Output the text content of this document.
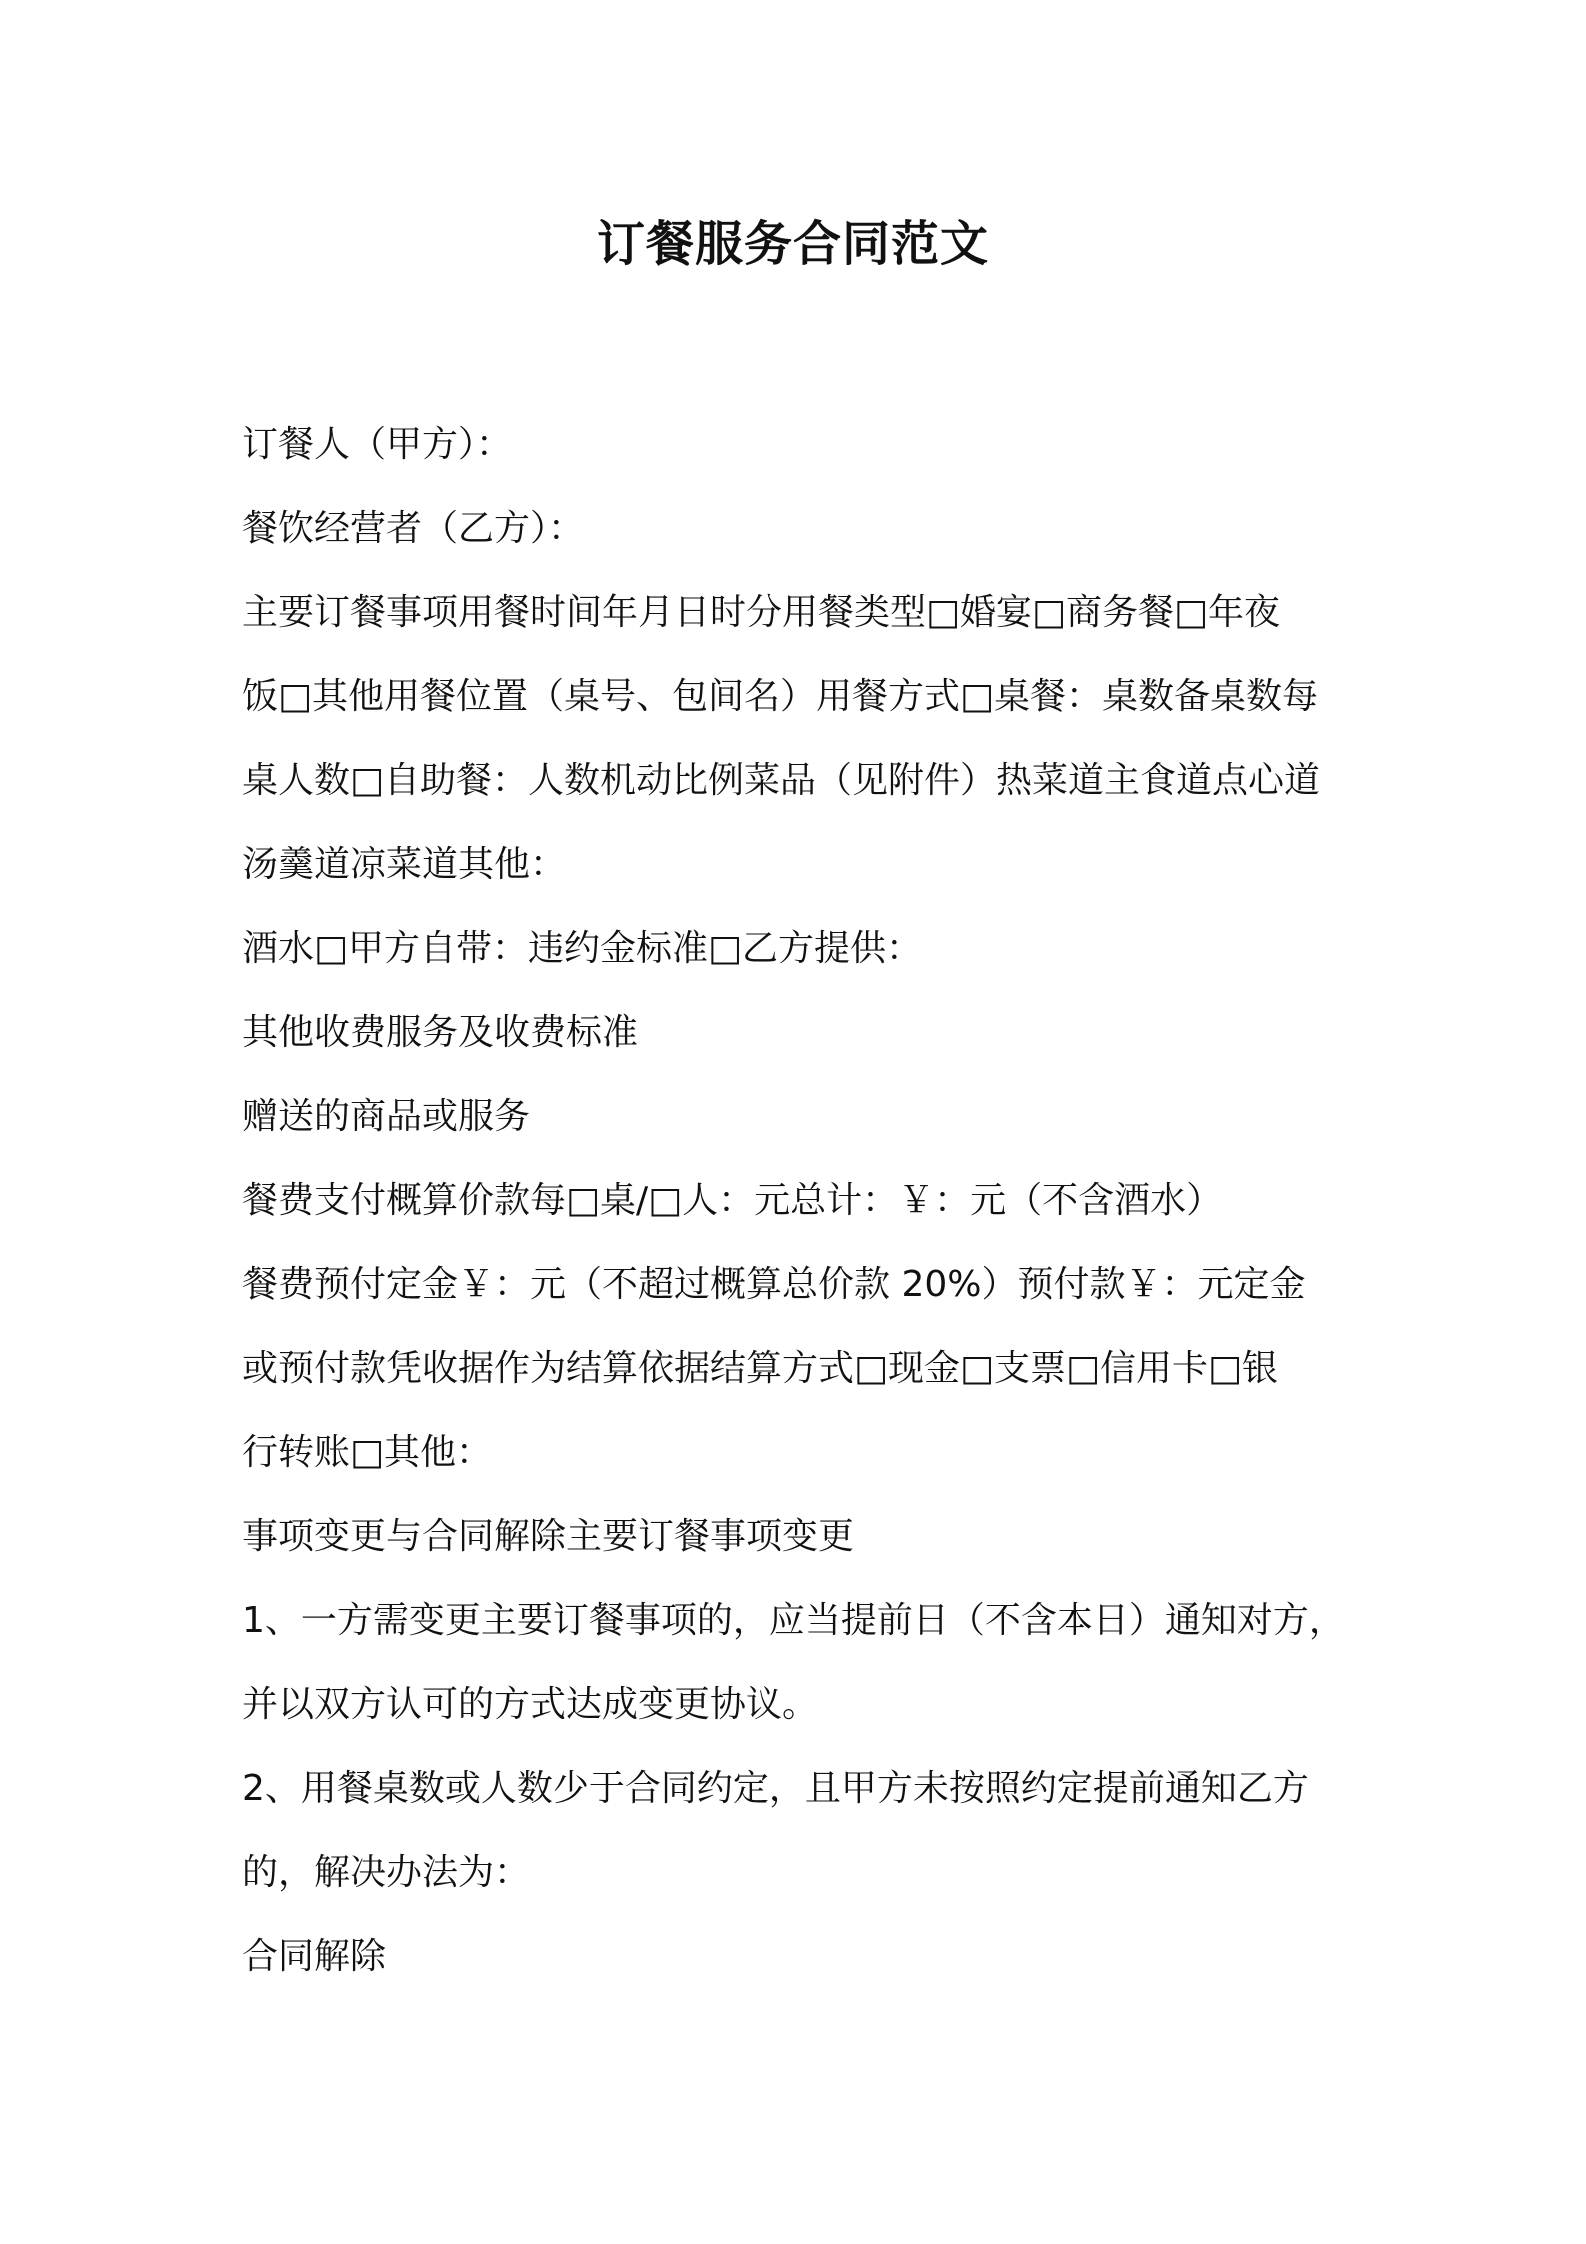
订餐服务合同范文

订餐人（甲方）：

餐饮经营者（乙方）：

主要订餐事项用餐时间年月日时分用餐类型□婚宴□商务餐□年夜

饭□其他用餐位置（桌号、包间名）用餐方式□桌餐：桌数备桌数每

桌人数□自助餐：人数机动比例菜品（见附件）热菜道主食道点心道

汤羹道凉菜道其他：

酒水□甲方自带：违约金标准□乙方提供：

其他收费服务及收费标准

赠送的商品或服务

餐费支付概算价款每□桌/□人：元总计：￥：元（不含酒水）

餐费预付定金￥：元（不超过概算总价款 20%）预付款￥：元定金

或预付款凭收据作为结算依据结算方式□现金□支票□信用卡□银

行转账□其他：

事项变更与合同解除主要订餐事项变更

1、一方需变更主要订餐事项的，应当提前日（不含本日）通知对方，

并以双方认可的方式达成变更协议。

2、用餐桌数或人数少于合同约定，且甲方未按照约定提前通知乙方

的，解决办法为：

合同解除
